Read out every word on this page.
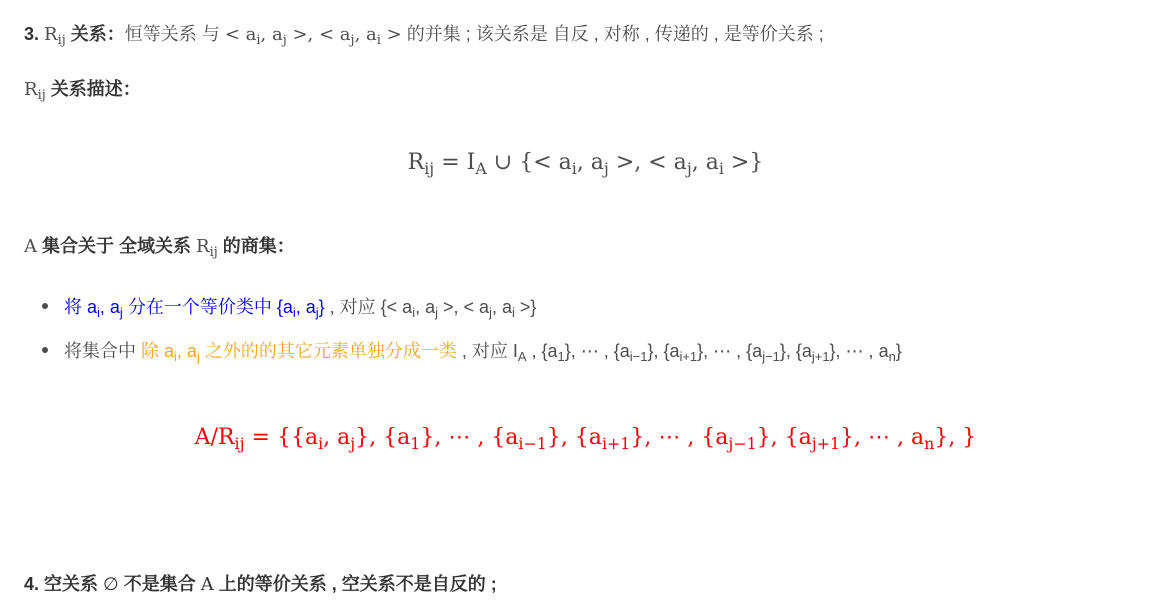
3. $R_{ij}$ 关系：恒等关系 与 < $a_i$, $a_j$ >, < $a_j$, $a_i$ > 的并集 ; 该关系是 自反 , 对称 , 传递的 , 是等价关系 ;
$R_{ij}$ 关系描述：
$R_{ij} = I_A$ ∪ {< $a_i$, $a_j$ >, < $a_j$, $a_i$ >}
A 集合关于 全域关系 $R_{ij}$ 的商集：
将 $a_i$, $a_j$ 分在一个等价类中 {$a_i$, $a_j$} , 对应 {< $a_i$, $a_j$ >, < $a_j$, $a_i$ >}
将集合中 除 $a_i$, $a_j$ 之外的的其它元素单独分成一类 , 对应 $I_A$ , $\{a_1\}$, ⋯ , $\{a_{i-1}\}$, $\{a_{i+1}\}$, ⋯ , $\{a_{j-1}\}$, $\{a_{j+1}\}$, ⋯ , $a_n$}
$A/R_{ij} = \{\{a_i$, $a_j$}, $\{a_1\}$, ⋯ , $\{a_{i-1}\}$, $\{a_{i+1}\}$, ⋯ , $\{a_{j-1}\}$, $\{a_{j+1}\}$, ⋯ , $a_n$}, }
4. 空关系 ∅ 不是集合 A 上的等价关系 , 空关系不是自反的 ;
